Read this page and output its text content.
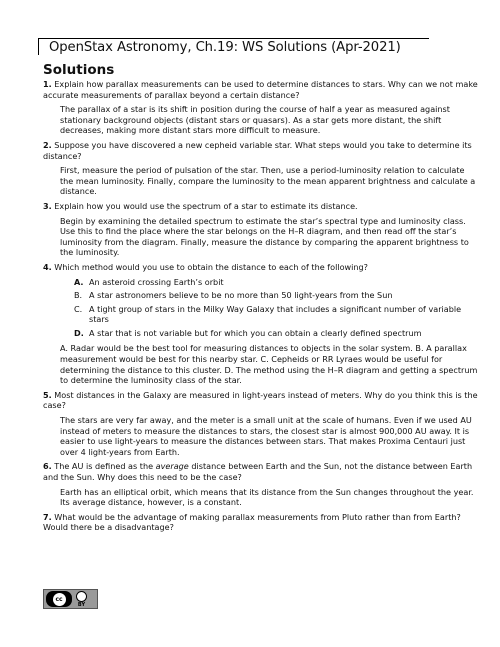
OpenStax Astronomy, Ch.19: WS Solutions (Apr-2021)
Solutions
1. Explain how parallax measurements can be used to determine distances to stars. Why can we not make accurate measurements of parallax beyond a certain distance?
The parallax of a star is its shift in position during the course of half a year as measured against stationary background objects (distant stars or quasars). As a star gets more distant, the shift decreases, making more distant stars more difficult to measure.
2. Suppose you have discovered a new cepheid variable star. What steps would you take to determine its distance?
First, measure the period of pulsation of the star. Then, use a period-luminosity relation to calculate the mean luminosity. Finally, compare the luminosity to the mean apparent brightness and calculate a distance.
3. Explain how you would use the spectrum of a star to estimate its distance.
Begin by examining the detailed spectrum to estimate the star’s spectral type and luminosity class. Use this to find the place where the star belongs on the H–R diagram, and then read off the star’s luminosity from the diagram. Finally, measure the distance by comparing the apparent brightness to the luminosity.
4. Which method would you use to obtain the distance to each of the following?
A. An asteroid crossing Earth’s orbit
B. A star astronomers believe to be no more than 50 light-years from the Sun
C. A tight group of stars in the Milky Way Galaxy that includes a significant number of variable stars
D. A star that is not variable but for which you can obtain a clearly defined spectrum
A. Radar would be the best tool for measuring distances to objects in the solar system. B. A parallax measurement would be best for this nearby star. C. Cepheids or RR Lyraes would be useful for determining the distance to this cluster. D. The method using the H–R diagram and getting a spectrum to determine the luminosity class of the star.
5. Most distances in the Galaxy are measured in light-years instead of meters. Why do you think this is the case?
The stars are very far away, and the meter is a small unit at the scale of humans. Even if we used AU instead of meters to measure the distances to stars, the closest star is almost 900,000 AU away. It is easier to use light-years to measure the distances between stars. That makes Proxima Centauri just over 4 light-years from Earth.
6. The AU is defined as the average distance between Earth and the Sun, not the distance between Earth and the Sun. Why does this need to be the case?
Earth has an elliptical orbit, which means that its distance from the Sun changes throughout the year. Its average distance, however, is a constant.
7. What would be the advantage of making parallax measurements from Pluto rather than from Earth? Would there be a disadvantage?
cc
BY
